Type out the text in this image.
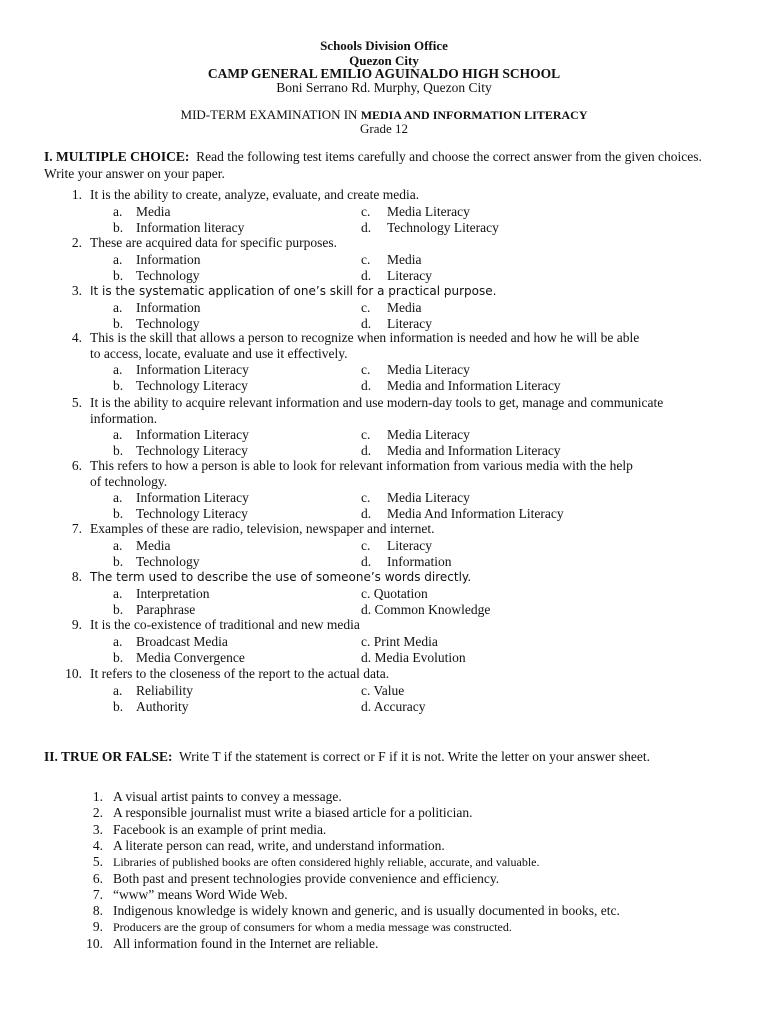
Schools Division Office
Quezon City
CAMP GENERAL EMILIO AGUINALDO HIGH SCHOOL
Boni Serrano Rd. Murphy, Quezon City
MID-TERM EXAMINATION IN MEDIA AND INFORMATION LITERACY
Grade 12
I. MULTIPLE CHOICE: Read the following test items carefully and choose the correct answer from the given choices. Write your answer on your paper.
1. It is the ability to create, analyze, evaluate, and create media.
a. Media	c. Media Literacy
b. Information literacy	d. Technology Literacy
2. These are acquired data for specific purposes.
a. Information	c. Media
b. Technology	d. Literacy
3. It is the systematic application of one’s skill for a practical purpose.
a. Information	c. Media
b. Technology	d. Literacy
4. This is the skill that allows a person to recognize when information is needed and how he will be able
to access, locate, evaluate and use it effectively.
a. Information Literacy	c. Media Literacy
b. Technology Literacy	d. Media and Information Literacy
5. It is the ability to acquire relevant information and use modern-day tools to get, manage and communicate
information.
a. Information Literacy	c. Media Literacy
b. Technology Literacy	d. Media and Information Literacy
6. This refers to how a person is able to look for relevant information from various media with the help
of technology.
a. Information Literacy	c. Media Literacy
b. Technology Literacy	d. Media And Information Literacy
7. Examples of these are radio, television, newspaper and internet.
a. Media	c. Literacy
b. Technology	d. Information
8. The term used to describe the use of someone’s words directly.
a. Interpretation	c. Quotation
b. Paraphrase	d. Common Knowledge
9. It is the co-existence of traditional and new media
a. Broadcast Media	c. Print Media
b. Media Convergence	d. Media Evolution
10. It refers to the closeness of the report to the actual data.
a. Reliability	c. Value
b. Authority	d. Accuracy
II. TRUE OR FALSE: Write T if the statement is correct or F if it is not. Write the letter on your answer sheet.
1. A visual artist paints to convey a message.
2. A responsible journalist must write a biased article for a politician.
3. Facebook is an example of print media.
4. A literate person can read, write, and understand information.
5. Libraries of published books are often considered highly reliable, accurate, and valuable.
6. Both past and present technologies provide convenience and efficiency.
7. “www” means Word Wide Web.
8. Indigenous knowledge is widely known and generic, and is usually documented in books, etc.
9. Producers are the group of consumers for whom a media message was constructed.
10. All information found in the Internet are reliable.
